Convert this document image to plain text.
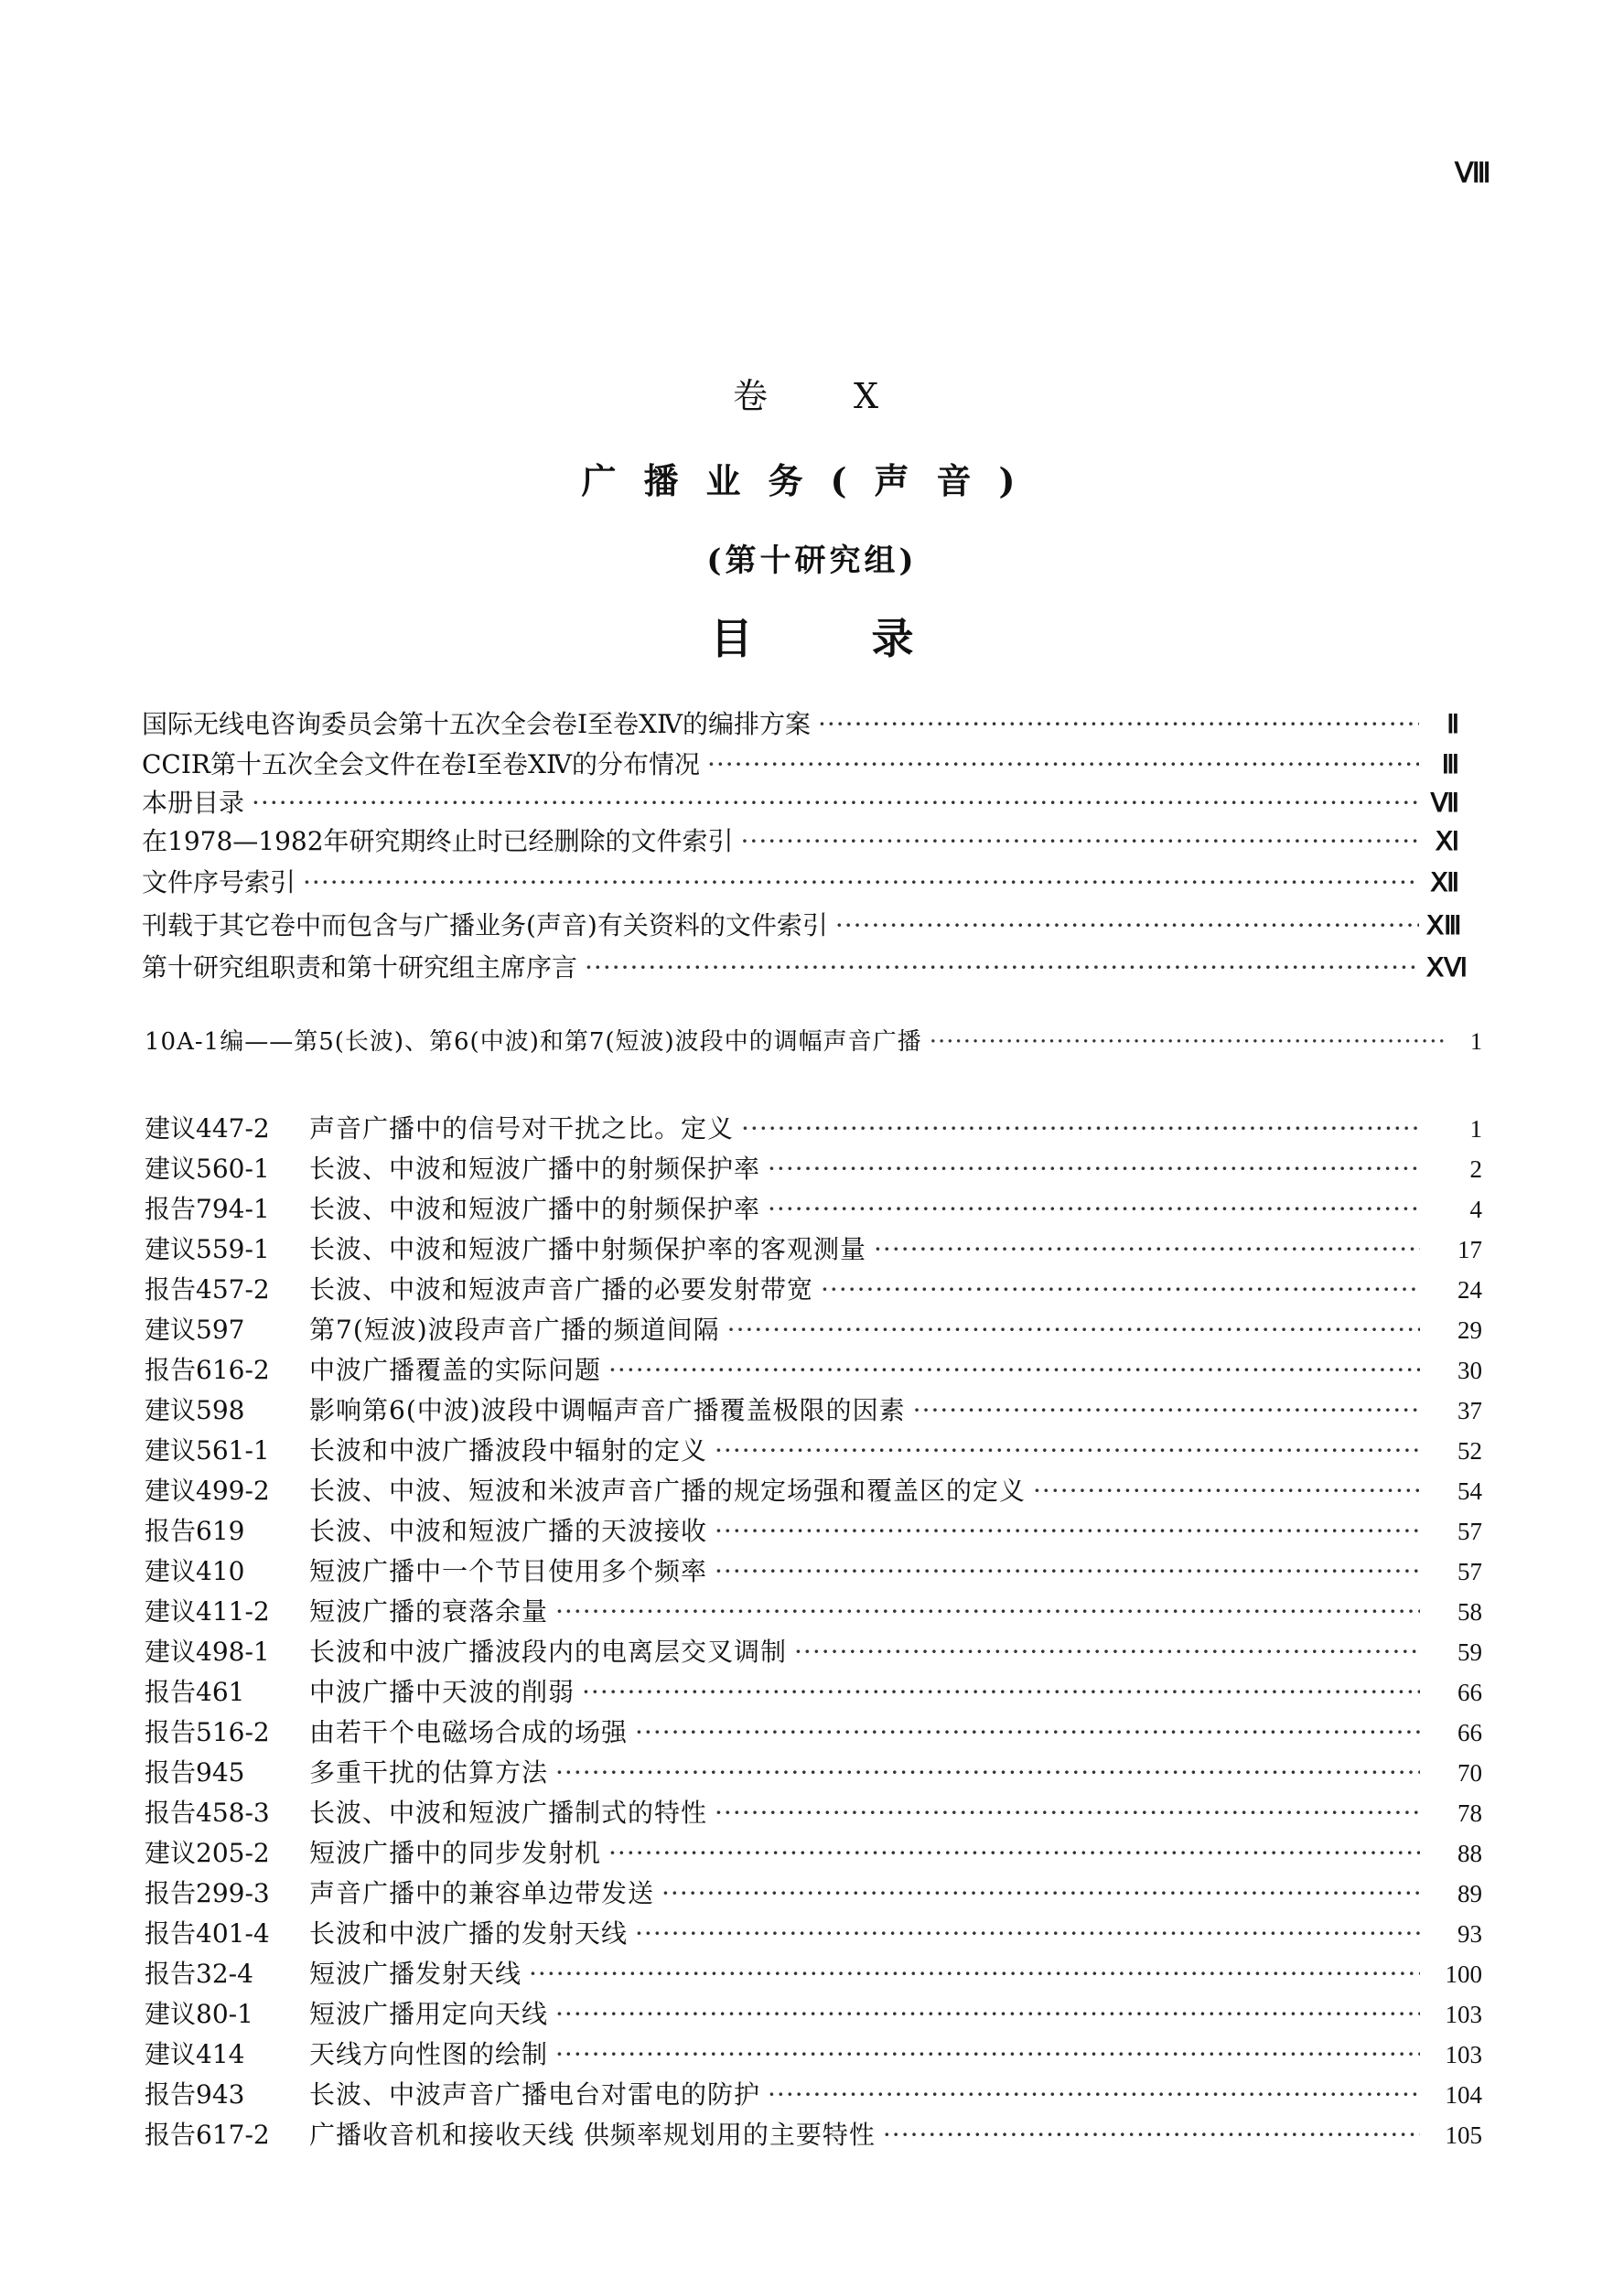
Ⅷ
卷 X
广播业务(声音)
(第十研究组)
目	录
国际无线电咨询委员会第十五次全会卷Ⅰ至卷XⅣ的编排方案 ·····	Ⅱ
CCIR第十五次全会文件在卷Ⅰ至卷XⅣ的分布情况 ·····	Ⅲ
本册目录 ·····	Ⅶ
在1978—1982年研究期终止时已经删除的文件索引 ·····	Ⅺ
文件序号索引 ·····	Ⅻ
刊载于其它卷中而包含与广播业务(声音)有关资料的文件索引 ·····	ⅩⅢ
第十研究组职责和第十研究组主席序言 ·····	ⅩⅥ
10A-1编——第5(长波)、第6(中波)和第7(短波)波段中的调幅声音广播 ·····	1
建议447-2	声音广播中的信号对干扰之比。定义 ·····	1
建议560-1	长波、中波和短波广播中的射频保护率 ·····	2
报告794-1	长波、中波和短波广播中的射频保护率 ·····	4
建议559-1	长波、中波和短波广播中射频保护率的客观测量 ·····	17
报告457-2	长波、中波和短波声音广播的必要发射带宽 ·····	24
建议597	第7(短波)波段声音广播的频道间隔 ·····	29
报告616-2	中波广播覆盖的实际问题 ·····	30
建议598	影响第6(中波)波段中调幅声音广播覆盖极限的因素 ·····	37
建议561-1	长波和中波广播波段中辐射的定义 ·····	52
建议499-2	长波、中波、短波和米波声音广播的规定场强和覆盖区的定义 ·····	54
报告619	长波、中波和短波广播的天波接收 ·····	57
建议410	短波广播中一个节目使用多个频率 ·····	57
建议411-2	短波广播的衰落余量 ·····	58
建议498-1	长波和中波广播波段内的电离层交叉调制 ·····	59
报告461	中波广播中天波的削弱 ·····	66
报告516-2	由若干个电磁场合成的场强 ·····	66
报告945	多重干扰的估算方法 ·····	70
报告458-3	长波、中波和短波广播制式的特性 ·····	78
建议205-2	短波广播中的同步发射机 ·····	88
报告299-3	声音广播中的兼容单边带发送 ·····	89
报告401-4	长波和中波广播的发射天线 ·····	93
报告32-4	短波广播发射天线 ·····	100
建议80-1	短波广播用定向天线 ·····	103
建议414	天线方向性图的绘制 ·····	103
报告943	长波、中波声音广播电台对雷电的防护 ·····	104
报告617-2	广播收音机和接收天线 供频率规划用的主要特性 ·····	105
